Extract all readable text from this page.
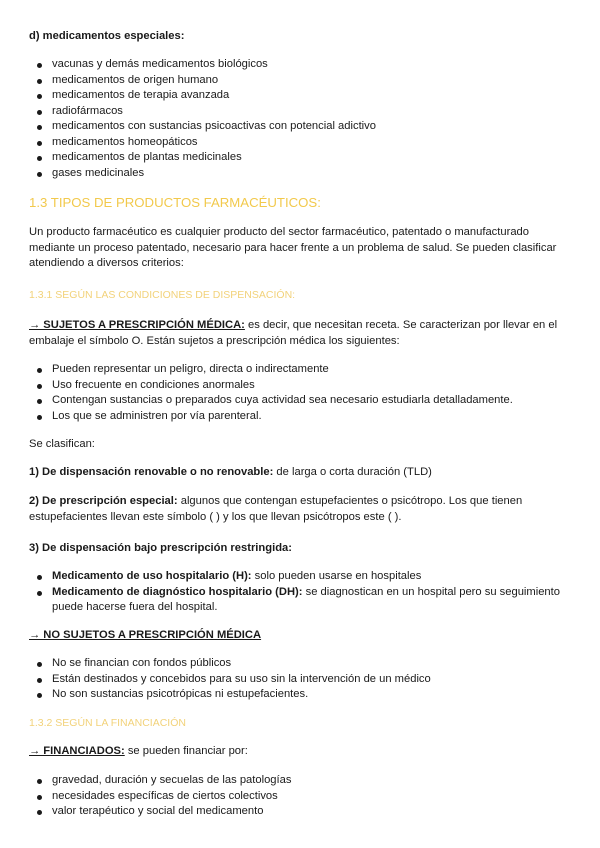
d) medicamentos especiales:

vacunas y demás medicamentos biológicos
medicamentos de origen humano
medicamentos de terapia avanzada
radiofármacos
medicamentos con sustancias psicoactivas con potencial adictivo
medicamentos homeopáticos
medicamentos de plantas medicinales
gases medicinales

1.3 TIPOS DE PRODUCTOS FARMACÉUTICOS:

Un producto farmacéutico es cualquier producto del sector farmacéutico, patentado o manufacturado mediante un proceso patentado, necesario para hacer frente a un problema de salud. Se pueden clasificar atendiendo a diversos criterios:

1.3.1 SEGÚN LAS CONDICIONES DE DISPENSACIÓN:

→ SUJETOS A PRESCRIPCIÓN MÉDICA: es decir, que necesitan receta. Se caracterizan por llevar en el embalaje el símbolo O. Están sujetos a prescripción médica los siguientes:

Pueden representar un peligro, directa o indirectamente
Uso frecuente en condiciones anormales
Contengan sustancias o preparados cuya actividad sea necesario estudiarla detalladamente.
Los que se administren por vía parenteral.

Se clasifican:

1) De dispensación renovable o no renovable: de larga o corta duración (TLD)

2) De prescripción especial: algunos que contengan estupefacientes o psicótropo. Los que tienen estupefacientes llevan este símbolo ( ) y los que llevan psicótropos este ( ).

3) De dispensación bajo prescripción restringida:

Medicamento de uso hospitalario (H): solo pueden usarse en hospitales
Medicamento de diagnóstico hospitalario (DH): se diagnostican en un hospital pero su seguimiento puede hacerse fuera del hospital.

→ NO SUJETOS A PRESCRIPCIÓN MÉDICA

No se financian con fondos públicos
Están destinados y concebidos para su uso sin la intervención de un médico
No son sustancias psicotrópicas ni estupefacientes.

1.3.2 SEGÚN LA FINANCIACIÓN

→ FINANCIADOS: se pueden financiar por:

gravedad, duración y secuelas de las patologías
necesidades específicas de ciertos colectivos
valor terapéutico y social del medicamento
